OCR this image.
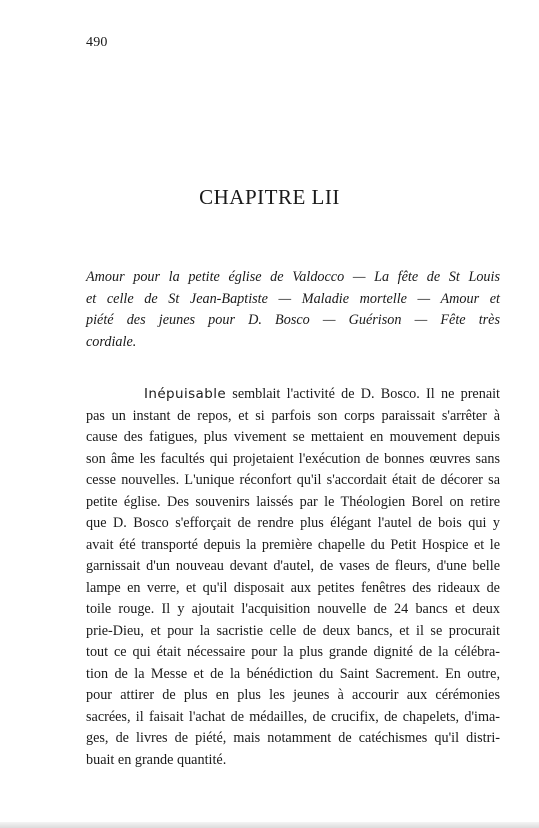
490
CHAPITRE LII

Amour pour la petite église de Valdocco — La fête de St Louis
et celle de St Jean-Baptiste — Maladie mortelle — Amour et
piété des jeunes pour D. Bosco — Guérison — Fête très
cordiale.

Inépuisable semblait l'activité de D. Bosco. Il ne prenait
pas un instant de repos, et si parfois son corps paraissait s'arrêter à
cause des fatigues, plus vivement se mettaient en mouvement depuis
son âme les facultés qui projetaient l'exécution de bonnes œuvres sans
cesse nouvelles. L'unique réconfort qu'il s'accordait était de décorer sa
petite église. Des souvenirs laissés par le Théologien Borel on retire
que D. Bosco s'efforçait de rendre plus élégant l'autel de bois qui y
avait été transporté depuis la première chapelle du Petit Hospice et le
garnissait d'un nouveau devant d'autel, de vases de fleurs, d'une belle
lampe en verre, et qu'il disposait aux petites fenêtres des rideaux de
toile rouge. Il y ajoutait l'acquisition nouvelle de 24 bancs et deux
prie-Dieu, et pour la sacristie celle de deux bancs, et il se procurait
tout ce qui était nécessaire pour la plus grande dignité de la célébra-
tion de la Messe et de la bénédiction du Saint Sacrement. En outre,
pour attirer de plus en plus les jeunes à accourir aux cérémonies
sacrées, il faisait l'achat de médailles, de crucifix, de chapelets, d'ima-
ges, de livres de piété, mais notamment de catéchismes qu'il distri-
buait en grande quantité.
